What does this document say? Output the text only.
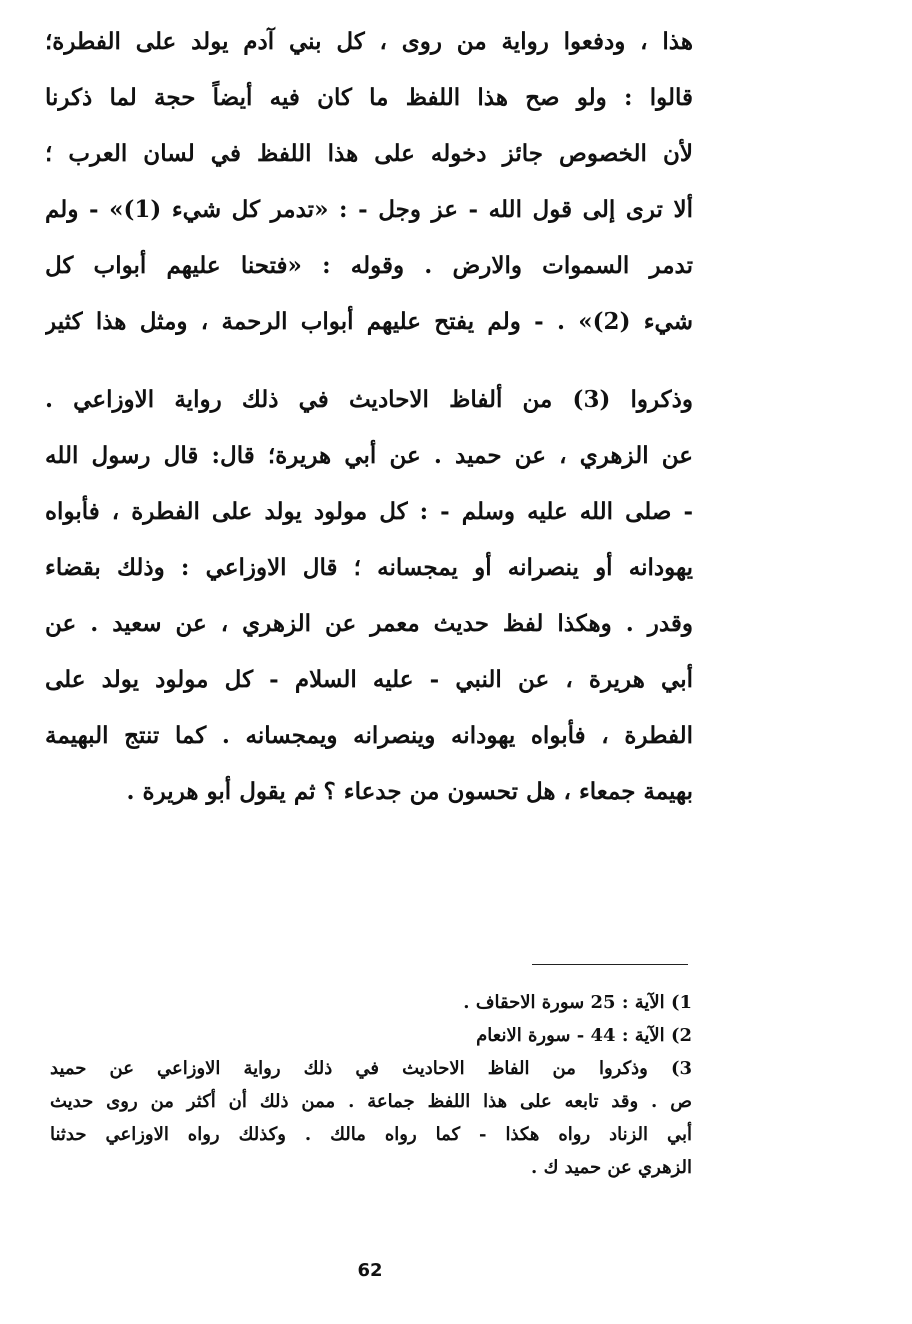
هذا ، ودفعوا رواية من روى ، كل بني آدم يولد على الفطرة؛
قالوا : ولو صح هذا اللفظ ما كان فيه أيضاً حجة لما ذكرنا
لأن الخصوص جائز دخوله على هذا اللفظ في لسان العرب ؛
ألا ترى إلى قول الله - عز وجل - : «تدمر كل شيء (1)» - ولم
تدمر السموات والارض . وقوله : «فتحنا عليهم أبواب كل
شيء (2)» . - ولم يفتح عليهم أبواب الرحمة ، ومثل هذا كثير
وذكروا (3) من ألفاظ الاحاديث في ذلك رواية الاوزاعي .
عن الزهري ، عن حميد . عن أبي هريرة؛ قال: قال رسول الله
- صلى الله عليه وسلم - : كل مولود يولد على الفطرة ، فأبواه
يهودانه أو ينصرانه أو يمجسانه ؛ قال الاوزاعي : وذلك بقضاء
وقدر . وهكذا لفظ حديث معمر عن الزهري ، عن سعيد . عن
أبي هريرة ، عن النبي - عليه السلام - كل مولود يولد على
الفطرة ، فأبواه يهودانه وينصرانه ويمجسانه . كما تنتج البهيمة
بهيمة جمعاء ، هل تحسون من جدعاء ؟ ثم يقول أبو هريرة .
1) الآية : 25 سورة الاحقاف .
2) الآية : 44 - سورة الانعام
3) وذكروا من الفاظ الاحاديث في ذلك رواية الاوزاعي عن حميد
ص . وقد تابعه على هذا اللفظ جماعة . ممن ذلك أن أكثر من روى حديث
أبي الزناد رواه هكذا - كما رواه مالك . وكذلك رواه الاوزاعي حدثنا
الزهري عن حميد ك .
62
